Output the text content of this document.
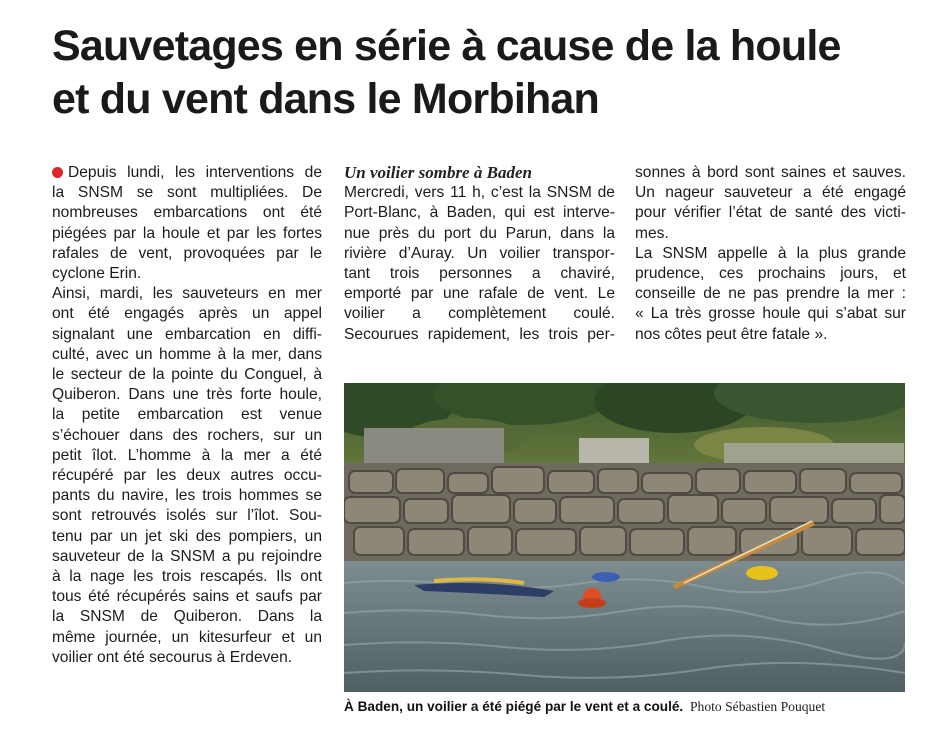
Sauvetages en série à cause de la houle
et du vent dans le Morbihan
Depuis lundi, les interventions de
la SNSM se sont multipliées. De
nombreuses embarcations ont été
piégées par la houle et par les fortes
rafales de vent, provoquées par le
cyclone Erin.
Ainsi, mardi, les sauveteurs en mer
ont été engagés après un appel
signalant une embarcation en diffi-
culté, avec un homme à la mer, dans
le secteur de la pointe du Conguel, à
Quiberon. Dans une très forte houle,
la petite embarcation est venue
s’échouer dans des rochers, sur un
petit îlot. L’homme à la mer a été
récupéré par les deux autres occu-
pants du navire, les trois hommes se
sont retrouvés isolés sur l’îlot. Sou-
tenu par un jet ski des pompiers, un
sauveteur de la SNSM a pu rejoindre
à la nage les trois rescapés. Ils ont
tous été récupérés sains et saufs par
la SNSM de Quiberon. Dans la
même journée, un kitesurfeur et un
voilier ont été secourus à Erdeven.
Un voilier sombre à Baden
Mercredi, vers 11 h, c’est la SNSM de
Port-Blanc, à Baden, qui est interve-
nue près du port du Parun, dans la
rivière d’Auray. Un voilier transpor-
tant trois personnes a chaviré,
emporté par une rafale de vent. Le
voilier a complètement coulé.
Secourues rapidement, les trois per-
sonnes à bord sont saines et sauves.
Un nageur sauveteur a été engagé
pour vérifier l’état de santé des victi-
mes.
La SNSM appelle à la plus grande
prudence, ces prochains jours, et
conseille de ne pas prendre la mer :
« La très grosse houle qui s’abat sur
nos côtes peut être fatale ».
À Baden, un voilier a été piégé par le vent et a coulé. Photo Sébastien Pouquet
